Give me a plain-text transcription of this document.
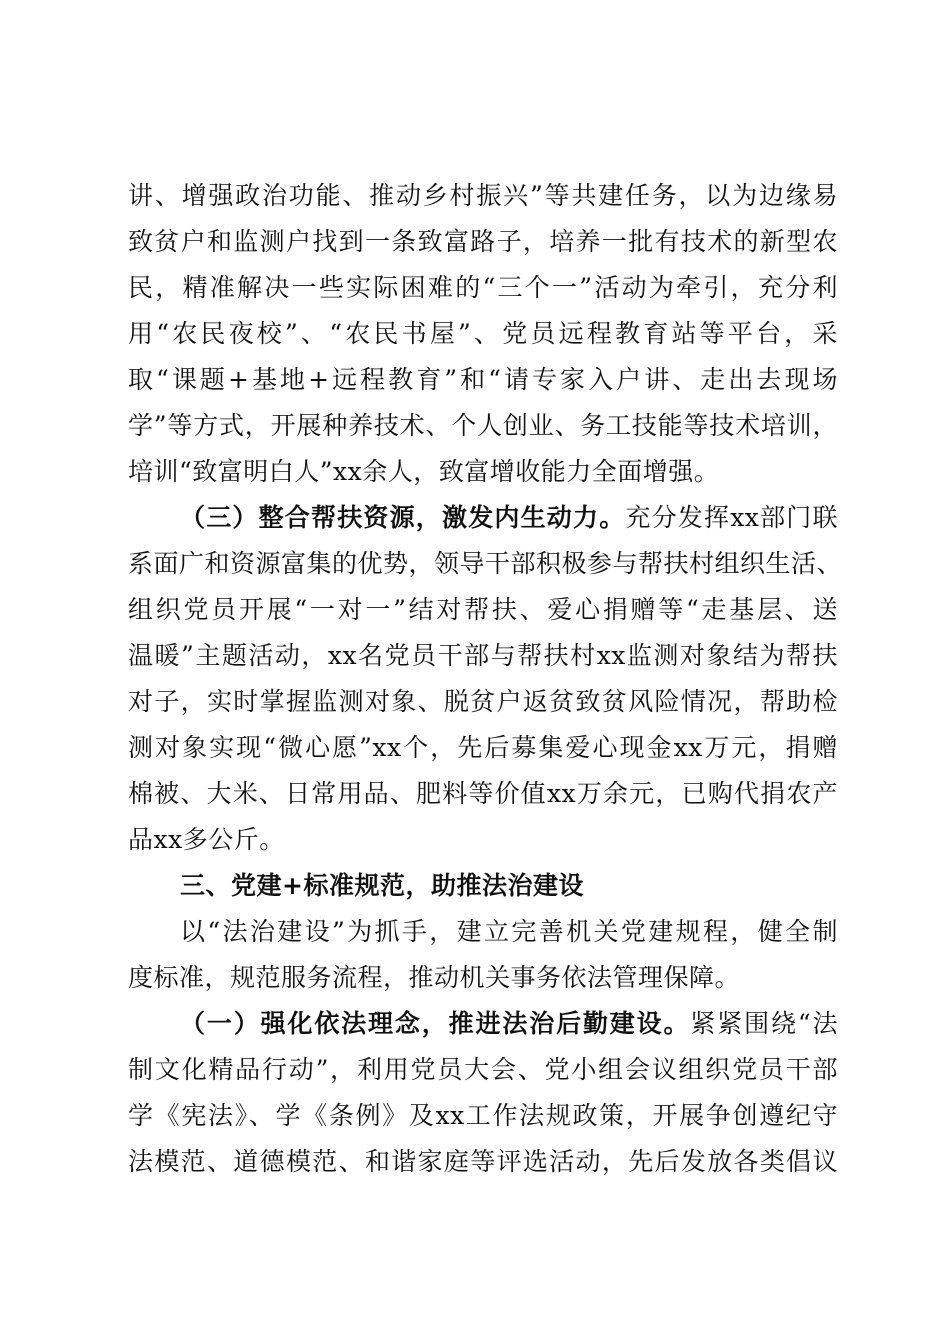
讲、增强政治功能、推动乡村振兴”等共建任务，以为边缘易
致贫户和监测户找到一条致富路子，培养一批有技术的新型农
民，精准解决一些实际困难的“三个一”活动为牵引，充分利
用“农民夜校”、“农民书屋”、党员远程教育站等平台，采
取“课题+基地+远程教育”和“请专家入户讲、走出去现场
学”等方式，开展种养技术、个人创业、务工技能等技术培训，
培训“致富明白人”xx余人，致富增收能力全面增强。
（三）整合帮扶资源，激发内生动力。充分发挥xx部门联
系面广和资源富集的优势，领导干部积极参与帮扶村组织生活、
组织党员开展“一对一”结对帮扶、爱心捐赠等“走基层、送
温暖”主题活动，xx名党员干部与帮扶村xx监测对象结为帮扶
对子，实时掌握监测对象、脱贫户返贫致贫风险情况，帮助检
测对象实现“微心愿”xx个，先后募集爱心现金xx万元，捐赠
棉被、大米、日常用品、肥料等价值xx万余元，已购代捐农产
品xx多公斤。
三、党建+标准规范，助推法治建设
以“法治建设”为抓手，建立完善机关党建规程，健全制
度标准，规范服务流程，推动机关事务依法管理保障。
（一）强化依法理念，推进法治后勤建设。紧紧围绕“法
制文化精品行动”，利用党员大会、党小组会议组织党员干部
学《宪法》、学《条例》及xx工作法规政策，开展争创遵纪守
法模范、道德模范、和谐家庭等评选活动，先后发放各类倡议
